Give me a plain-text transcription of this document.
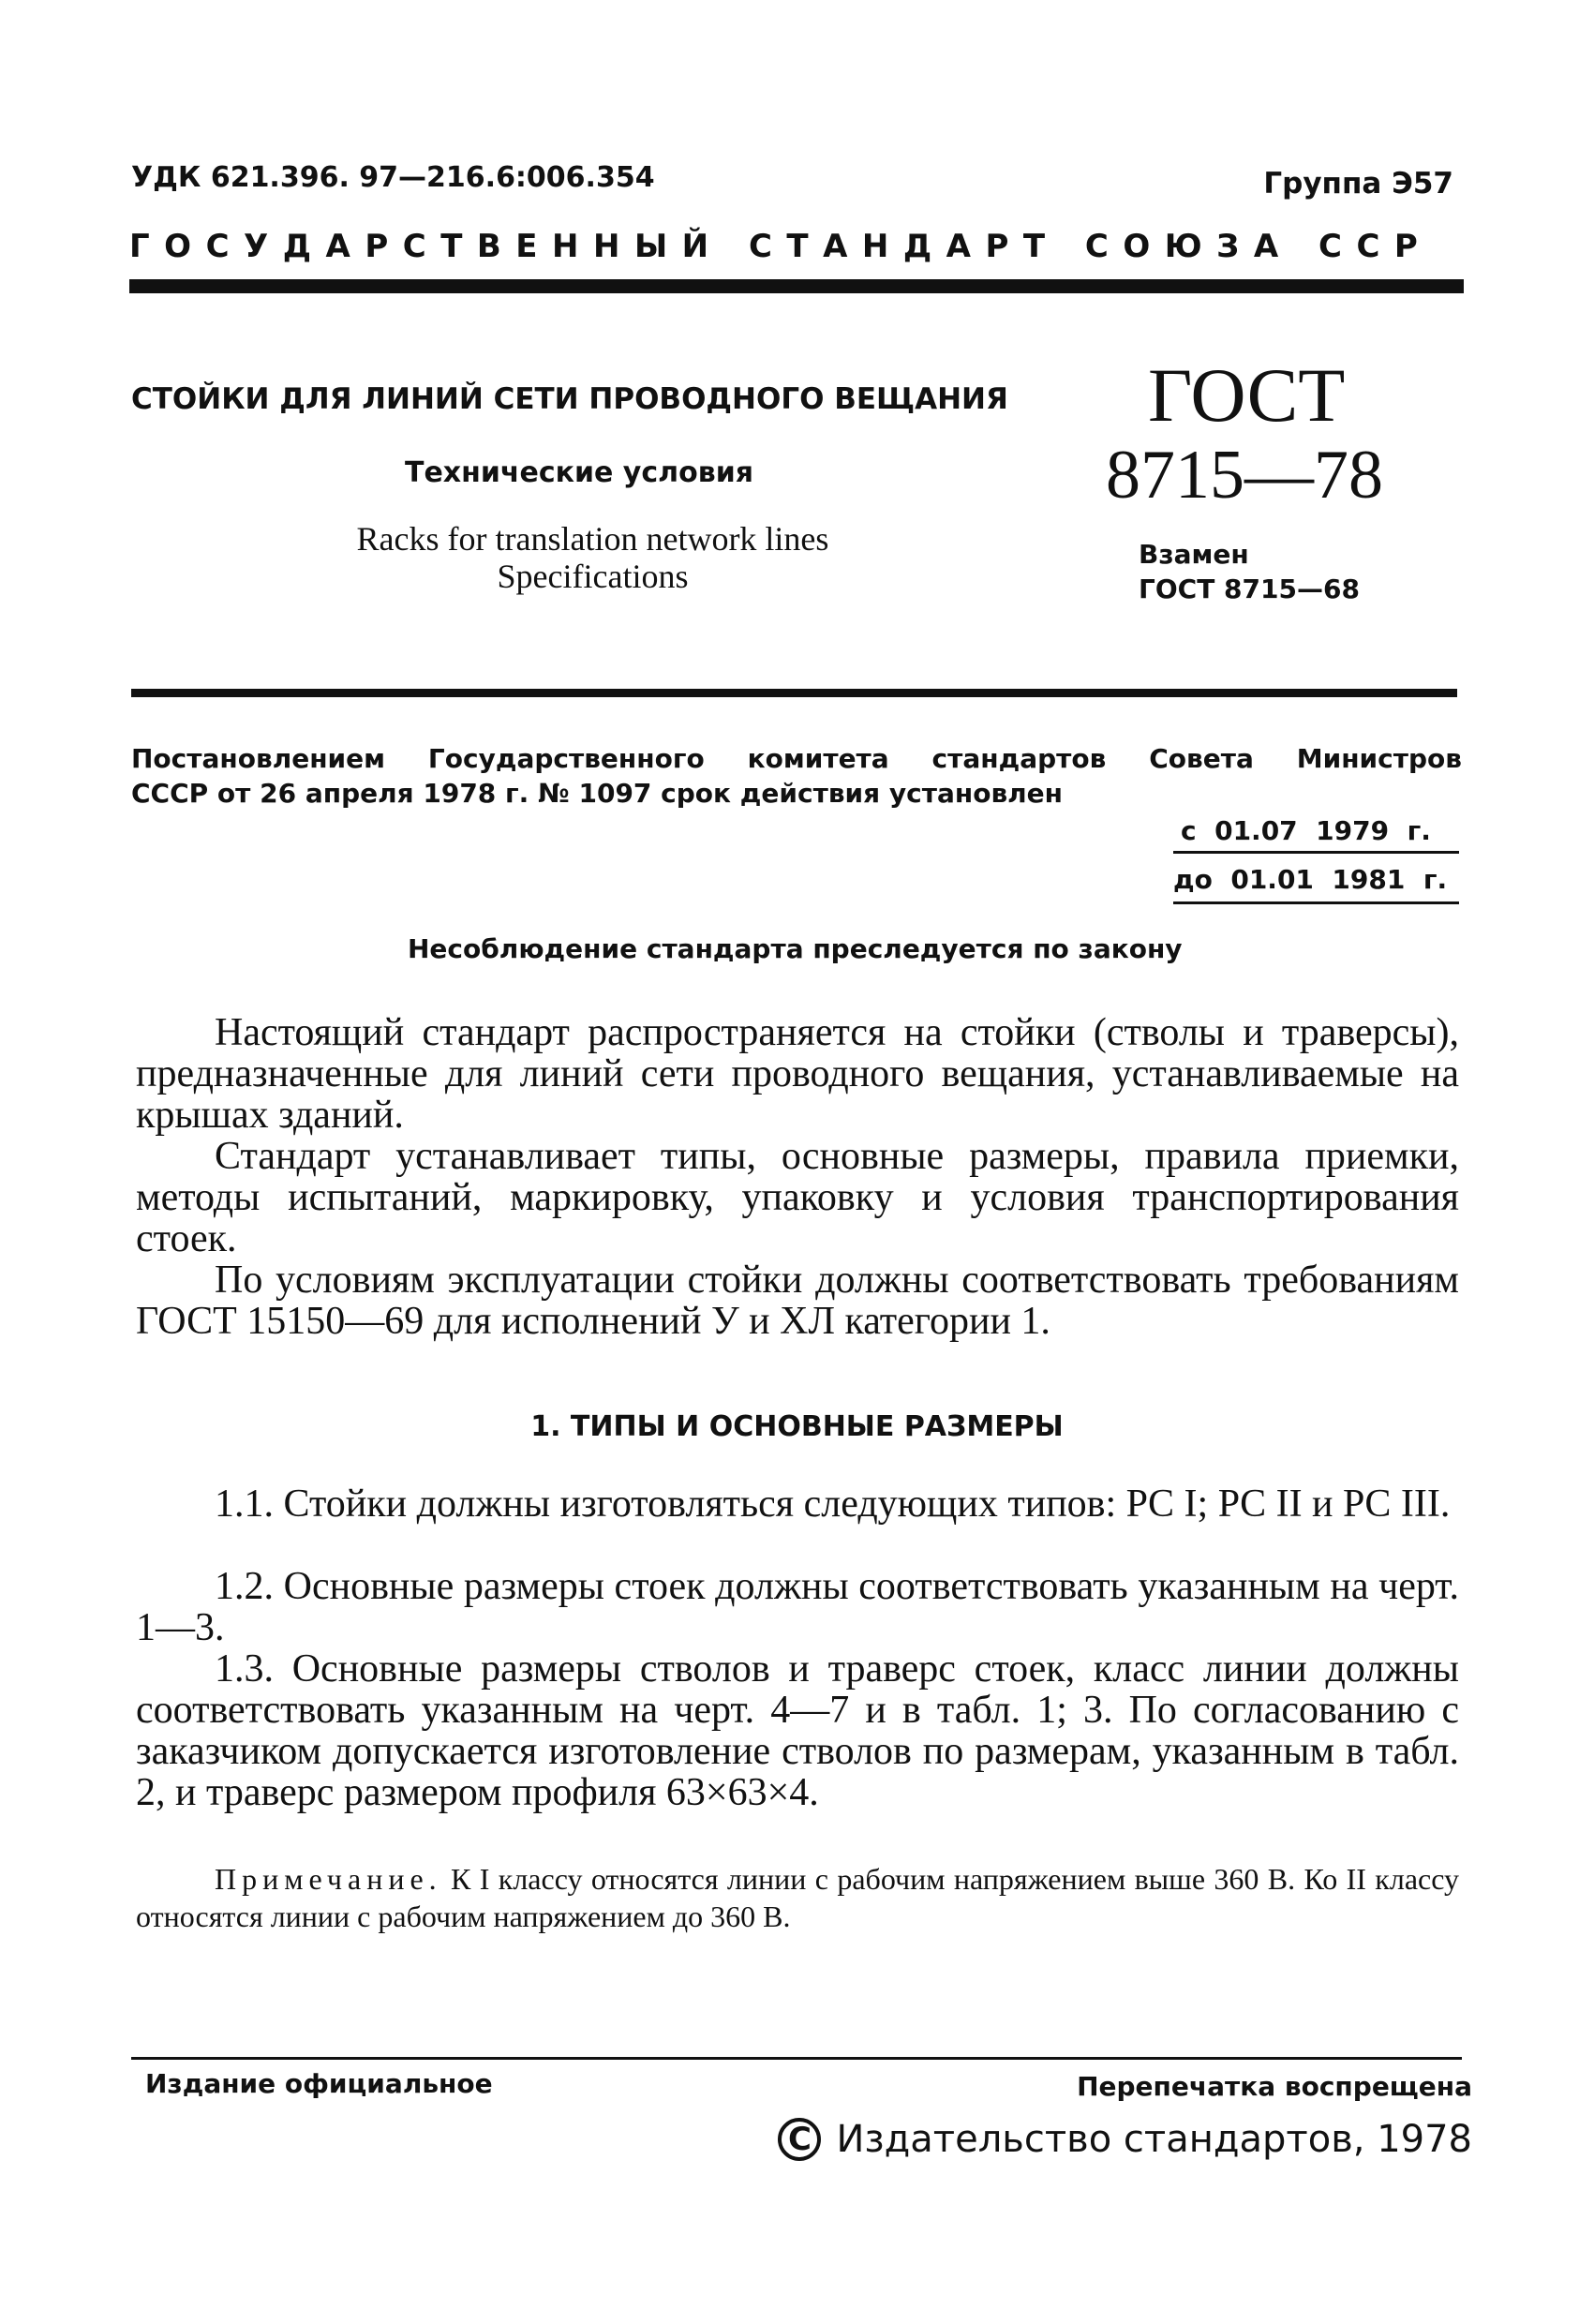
УДК 621.396. 97—216.6:006.354	Группа Э57
ГОСУДАРСТВЕННЫЙ СТАНДАРТ СОЮЗА ССР
СТОЙКИ ДЛЯ ЛИНИЙ СЕТИ ПРОВОДНОГО ВЕЩАНИЯ
Технические условия
Racks for translation network lines
Specifications
ГОСТ
8715—78
Взамен
ГОСТ 8715—68
Постановлением Государственного комитета стандартов Совета Министров
СССР от 26 апреля 1978 г. № 1097 срок действия установлен
с  01.07  1979  г.
до  01.01  1981  г.
Несоблюдение стандарта преследуется по закону

Настоящий стандарт распространяется на стойки (стволы и траверсы), предназначенные для линий сети проводного вещания, устанавливаемые на крышах зданий.

Стандарт устанавливает типы, основные размеры, правила приемки, методы испытаний, маркировку, упаковку и условия транспортирования стоек.

По условиям эксплуатации стойки должны соответствовать требованиям ГОСТ 15150—69 для исполнений У и ХЛ категории 1.

1. ТИПЫ И ОСНОВНЫЕ РАЗМЕРЫ

1.1. Стойки должны изготовляться следующих типов: PC I; PC II и PC III.

1.2. Основные размеры стоек должны соответствовать указанным на черт. 1—3.

1.3. Основные размеры стволов и траверс стоек, класс линии должны соответствовать указанным на черт. 4—7 и в табл. 1; 3. По согласованию с заказчиком допускается изготовление стволов по размерам, указанным в табл. 2, и траверс размером профиля 63×63×4.

Примечание. К I классу относятся линии с рабочим напряжением выше 360 В. Ко II классу относятся линии с рабочим напряжением до 360 В.

Издание официальное	Перепечатка воспрещена
C Издательство стандартов, 1978
